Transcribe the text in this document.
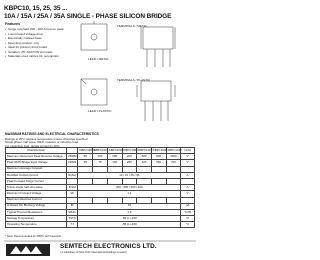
KBPC10, 15, 25, 35 ...
10A / 15A / 25A / 35A SINGLE - PHASE SILICON BRIDGE
Features
• Surge overload 200 - 400 Amperes peak
• Low forward voltage drop
• Electrically isolated base
• Mounting position: Any
• Ideal for printed circuit board
• Isolation: 25" FASTON terminals
• Materials used carries UL recognition
TERMINALS / METAL
LEAD / METAL
TERMINALS / PLASTIC
LEAD / PLASTIC
MAXIMUM RATINGS AND ELECTRICAL CHARACTERISTICS
Ratings at 25°C ambient temperature unless otherwise specified.
Single phase, half wave, 60Hz, resistive or inductive load.
For capacitive load, derate current by 20%.
Characteristic		KBPC10005	KBPC1001	KBPC1002	KBPC1004	KBPC1006	KBPC1008	KBPC1010	Units
Maximum Recurrent Peak Reverse Voltage	VRRM	50	100	200	400	600	800	1000	V
Peak RMS Bridge Input Voltage	VRMS	35	70	140	280	420	560	700	V
Maximum Average Forward									
Rectified Output Current	IF(AV)	10 / 15 / 25 / 35							A
Peak Forward Surge Current									
8.3ms single half sine-wave	IFSM	200 / 300 / 300 / 400							A
Maximum Forward Voltage	VF	1.1							V
Maximum Reverse Current									
at Rated DC Blocking Voltage	IR	10							µA
Typical Thermal Resistance	RθJC	1.9							°C/W
Storage Temperature	TSTG	-55 to +150							°C
Operating Temperature	TJ	-55 to +150							°C
* Note: Recommended on KBPC with heat sink.
SEMTECH ELECTRONICS LTD.
( a subsidiary of Sino-Tech International Holdings Limited )
